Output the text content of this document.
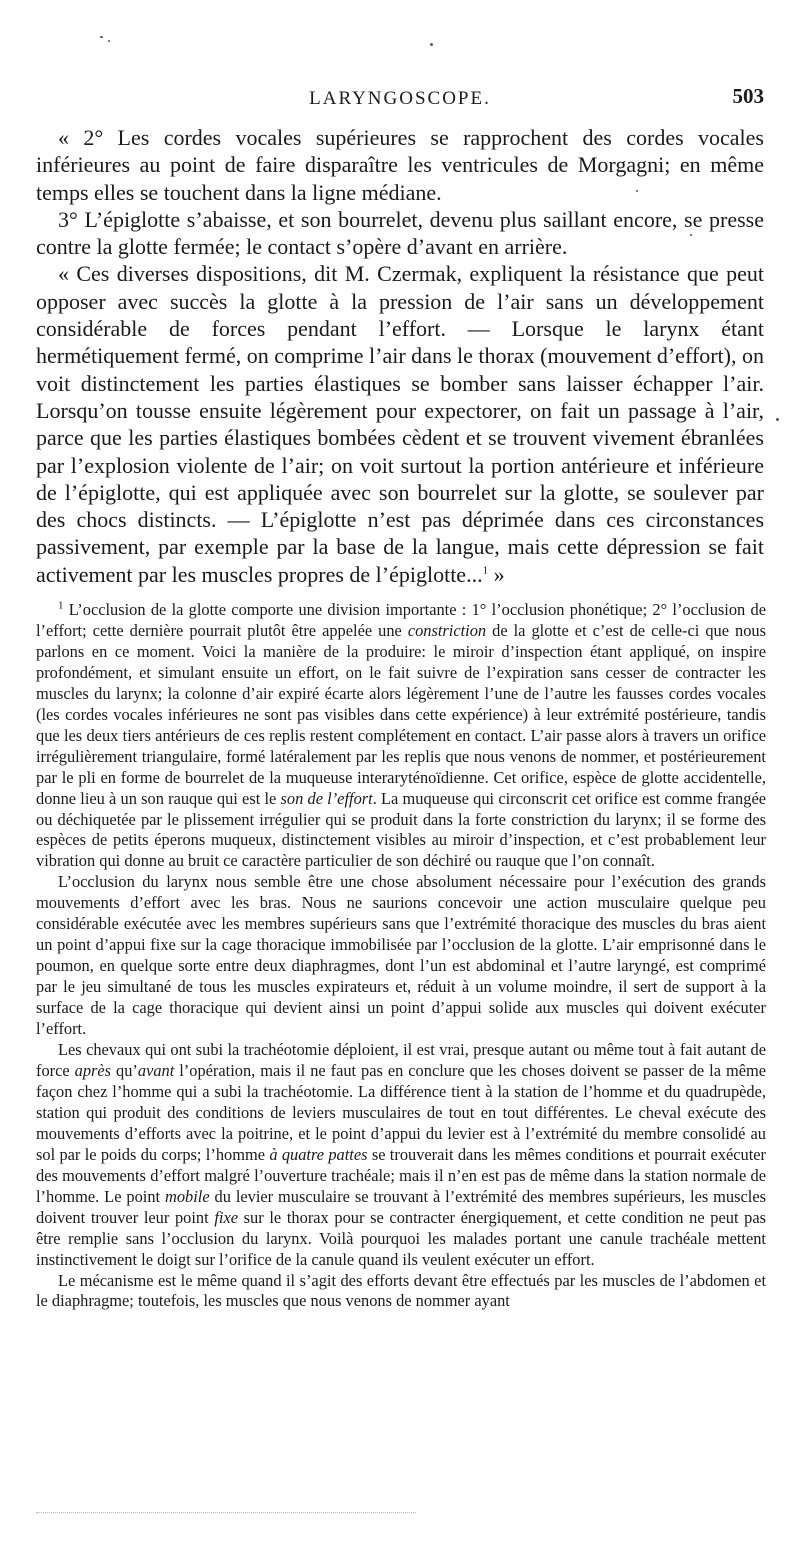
LARYNGOSCOPE.	503

« 2° Les cordes vocales supérieures se rapprochent des cordes vocales inférieures au point de faire disparaître les ventricules de Morgagni; en même temps elles se touchent dans la ligne médiane.

3° L’épiglotte s’abaisse, et son bourrelet, devenu plus saillant encore, se presse contre la glotte fermée; le contact s’opère d’avant en arrière.

« Ces diverses dispositions, dit M. Czermak, expliquent la résistance que peut opposer avec succès la glotte à la pression de l’air sans un développement considérable de forces pendant l’effort. — Lorsque le larynx étant hermétiquement fermé, on comprime l’air dans le thorax (mouvement d’effort), on voit distinctement les parties élastiques se bomber sans laisser échapper l’air. Lorsqu’on tousse ensuite légèrement pour expectorer, on fait un passage à l’air, parce que les parties élastiques bombées cèdent et se trouvent vivement ébranlées par l’explosion violente de l’air; on voit surtout la portion antérieure et inférieure de l’épiglotte, qui est appliquée avec son bourrelet sur la glotte, se soulever par des chocs distincts. — L’épiglotte n’est pas déprimée dans ces circonstances passivement, par exemple par la base de la langue, mais cette dépression se fait activement par les muscles propres de l’épiglotte...$^1$ »

$^1$ L’occlusion de la glotte comporte une division importante : 1° l’occlusion phonétique; 2° l’occlusion de l’effort; cette dernière pourrait plutôt être appelée une constriction de la glotte et c’est de celle-ci que nous parlons en ce moment. Voici la manière de la produire: le miroir d’inspection étant appliqué, on inspire profondément, et simulant ensuite un effort, on le fait suivre de l’expiration sans cesser de contracter les muscles du larynx; la colonne d’air expiré écarte alors légèrement l’une de l’autre les fausses cordes vocales (les cordes vocales inférieures ne sont pas visibles dans cette expérience) à leur extrémité postérieure, tandis que les deux tiers antérieurs de ces replis restent complétement en contact. L’air passe alors à travers un orifice irrégulièrement triangulaire, formé latéralement par les replis que nous venons de nommer, et postérieurement par le pli en forme de bourrelet de la muqueuse interaryténoïdienne. Cet orifice, espèce de glotte accidentelle, donne lieu à un son rauque qui est le son de l’effort. La muqueuse qui circonscrit cet orifice est comme frangée ou déchiquetée par le plissement irrégulier qui se produit dans la forte constriction du larynx; il se forme des espèces de petits éperons muqueux, distinctement visibles au miroir d’inspection, et c’est probablement leur vibration qui donne au bruit ce caractère particulier de son déchiré ou rauque que l’on connaît.

L’occlusion du larynx nous semble être une chose absolument nécessaire pour l’exécution des grands mouvements d’effort avec les bras. Nous ne saurions concevoir une action musculaire quelque peu considérable exécutée avec les membres supérieurs sans que l’extrémité thoracique des muscles du bras aient un point d’appui fixe sur la cage thoracique immobilisée par l’occlusion de la glotte. L’air emprisonné dans le poumon, en quelque sorte entre deux diaphragmes, dont l’un est abdominal et l’autre laryngé, est comprimé par le jeu simultané de tous les muscles expirateurs et, réduit à un volume moindre, il sert de support à la surface de la cage thoracique qui devient ainsi un point d’appui solide aux muscles qui doivent exécuter l’effort.

Les chevaux qui ont subi la trachéotomie déploient, il est vrai, presque autant ou même tout à fait autant de force après qu’avant l’opération, mais il ne faut pas en conclure que les choses doivent se passer de la même façon chez l’homme qui a subi la trachéotomie. La différence tient à la station de l’homme et du quadrupède, station qui produit des conditions de leviers musculaires de tout en tout différentes. Le cheval exécute des mouvements d’efforts avec la poitrine, et le point d’appui du levier est à l’extrémité du membre consolidé au sol par le poids du corps; l’homme à quatre pattes se trouverait dans les mêmes conditions et pourrait exécuter des mouvements d’effort malgré l’ouverture trachéale; mais il n’en est pas de même dans la station normale de l’homme. Le point mobile du levier musculaire se trouvant à l’extrémité des membres supérieurs, les muscles doivent trouver leur point fixe sur le thorax pour se contracter énergiquement, et cette condition ne peut pas être remplie sans l’occlusion du larynx. Voilà pourquoi les malades portant une canule trachéale mettent instinctivement le doigt sur l’orifice de la canule quand ils veulent exécuter un effort.

Le mécanisme est le même quand il s’agit des efforts devant être effectués par les muscles de l’abdomen et le diaphragme; toutefois, les muscles que nous venons de nommer ayant
